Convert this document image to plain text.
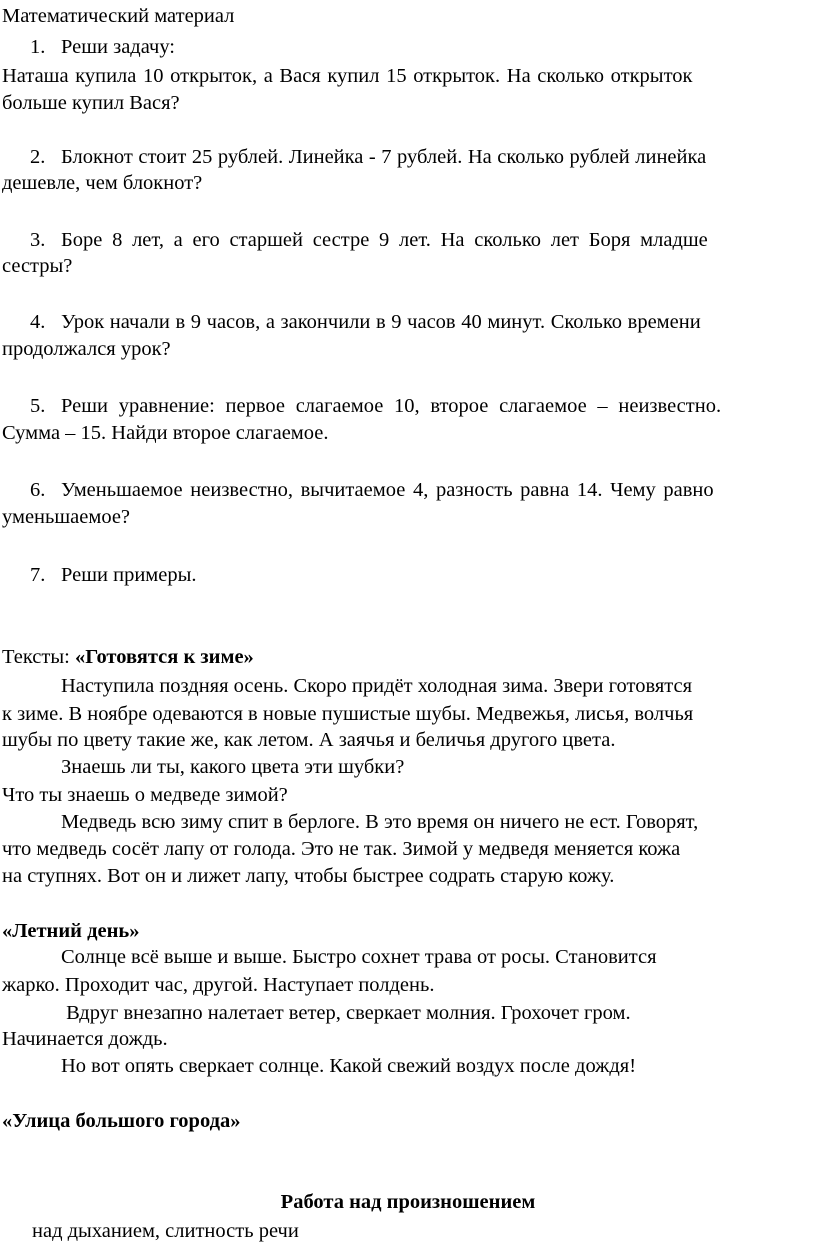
Математический материал
1. Реши задачу:
Наташа купила 10 открыток, а Вася купил 15 открыток. На сколько открыток
больше купил Вася?
2. Блокнот стоит 25 рублей. Линейка - 7 рублей. На сколько рублей линейка
дешевле, чем блокнот?
3. Боре 8 лет, а его старшей сестре 9 лет. На сколько лет Боря младше
сестры?
4. Урок начали в 9 часов, а закончили в 9 часов 40 минут. Сколько времени
продолжался урок?
5. Реши уравнение: первое слагаемое 10, второе слагаемое – неизвестно.
Сумма – 15. Найди второе слагаемое.
6. Уменьшаемое неизвестно, вычитаемое 4, разность равна 14. Чему равно
уменьшаемое?
7. Реши примеры.
Тексты: «Готовятся к зиме»
Наступила поздняя осень. Скоро придёт холодная зима. Звери готовятся
к зиме. В ноябре одеваются в новые пушистые шубы. Медвежья, лисья, волчья
шубы по цвету такие же, как летом. А заячья и беличья другого цвета.
Знаешь ли ты, какого цвета эти шубки?
Что ты знаешь о медведе зимой?
Медведь всю зиму спит в берлоге. В это время он ничего не ест. Говорят,
что медведь сосёт лапу от голода. Это не так. Зимой у медведя меняется кожа
на ступнях. Вот он и лижет лапу, чтобы быстрее содрать старую кожу.
«Летний день»
Солнце всё выше и выше. Быстро сохнет трава от росы. Становится
жарко. Проходит час, другой. Наступает полдень.
Вдруг внезапно налетает ветер, сверкает молния. Грохочет гром.
Начинается дождь.
Но вот опять сверкает солнце. Какой свежий воздух после дождя!
«Улица большого города»
Работа над произношением
над дыханием, слитность речи
